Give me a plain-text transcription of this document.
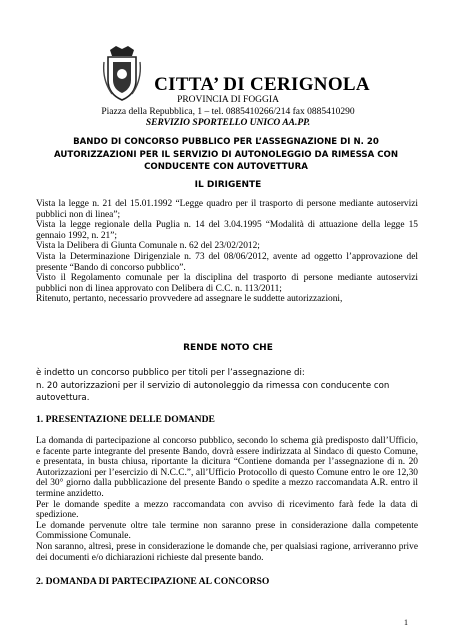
CITTA’ DI CERIGNOLA
PROVINCIA DI FOGGIA
Piazza della Repubblica, 1 – tel. 0885410266/214 fax 0885410290
SERVIZIO SPORTELLO UNICO AA.PP.
BANDO DI CONCORSO PUBBLICO PER L’ASSEGNAZIONE DI N. 20
AUTORIZZAZIONI PER IL SERVIZIO DI AUTONOLEGGIO DA RIMESSA CON
CONDUCENTE CON AUTOVETTURA
IL DIRIGENTE

Vista la legge n. 21 del 15.01.1992 “Legge quadro per il trasporto di persone mediante autoservizi pubblici non di linea”;

Vista la legge regionale della Puglia n. 14 del 3.04.1995 “Modalità di attuazione della legge 15 gennaio 1992, n. 21”;

Vista la Delibera di Giunta Comunale n. 62 del 23/02/2012;

Vista la Determinazione Dirigenziale n. 73 del 08/06/2012, avente ad oggetto l’approvazione del presente “Bando di concorso pubblico”.

Visto il Regolamento comunale per la disciplina del trasporto di persone mediante autoservizi pubblici non di linea approvato con Delibera di C.C. n. 113/2011;

Ritenuto, pertanto, necessario provvedere ad assegnare le suddette autorizzazioni,

RENDE NOTO CHE

è indetto un concorso pubblico per titoli per l’assegnazione di:

n. 20 autorizzazioni per il servizio di autonoleggio da rimessa con conducente con autovettura.

1. PRESENTAZIONE DELLE DOMANDE

La domanda di partecipazione al concorso pubblico, secondo lo schema già predisposto dall’Ufficio, e facente parte integrante del presente Bando, dovrà essere indirizzata al Sindaco di questo Comune, e presentata, in busta chiusa, riportante la dicitura “Contiene domanda per l’assegnazione di n. 20 Autorizzazioni per l’esercizio di N.C.C.”, all’Ufficio Protocollo di questo Comune entro le ore 12,30 del 30° giorno dalla pubblicazione del presente Bando o spedite a mezzo raccomandata A.R. entro il termine anzidetto.

Per le domande spedite a mezzo raccomandata con avviso di ricevimento farà fede la data di spedizione.

Le domande pervenute oltre tale termine non saranno prese in considerazione dalla competente Commissione Comunale.

Non saranno, altresì, prese in considerazione le domande che, per qualsiasi ragione, arriveranno prive dei documenti e/o dichiarazioni richieste dal presente bando.

2. DOMANDA DI PARTECIPAZIONE AL CONCORSO
1
